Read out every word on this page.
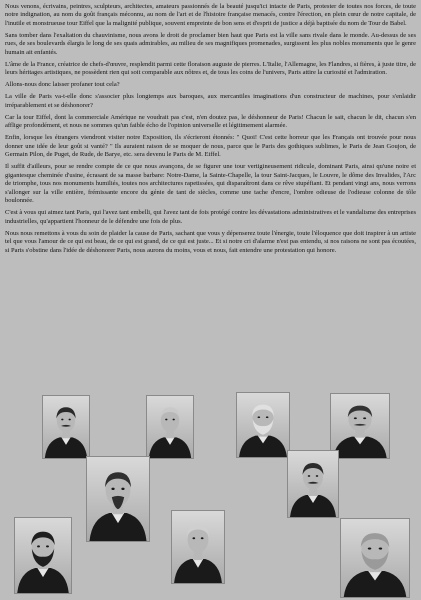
Nous venons, écrivains, peintres, sculpteurs, architectes, amateurs passionnés de la beauté jusqu'ici intacte de Paris, protester de toutes nos forces, de toute notre indignation, au nom du goût français méconnu, au nom de l'art et de l'histoire française menacés, contre l'érection, en plein cœur de notre capitale, de l'inutile et monstrueuse tour Eiffel que la malignité publique, souvent empreinte de bon sens et d'esprit de justice a déjà baptisée du nom de Tour de Babel.

Sans tomber dans l'exaltation du chauvinisme, nous avons le droit de proclamer bien haut que Paris est la ville sans rivale dans le monde. Au-dessus de ses rues, de ses boulevards élargis le long de ses quais admirables, au milieu de ses magnifiques promenades, surgissent les plus nobles monuments que le genre humain ait enfantés.

L'âme de la France, créatrice de chefs-d'œuvre, resplendit parmi cette floraison auguste de pierres. L'Italie, l'Allemagne, les Flandres, si fières, à juste titre, de leurs héritages artistiques, ne possèdent rien qui soit comparable aux nôtres et, de tous les coins de l'univers, Paris attire la curiosité et l'admiration.

Allons-nous donc laisser profaner tout cela?

La ville de Paris va-t-elle donc s'associer plus longtemps aux baroques, aux mercantiles imaginations d'un constructeur de machines, pour s'enlaidir irréparablement et se déshonorer?

Car la tour Eiffel, dont la commerciale Amérique ne voudrait pas c'est, n'en doutez pas, le déshonneur de Paris! Chacun le sait, chacun le dit, chacun s'en afflige profondément, et nous ne sommes qu'un faible écho de l'opinion universelle et légitimement alarmée.

Enfin, lorsque les étrangers viendront visiter notre Exposition, ils s'écrieront étonnés: " Quoi! C'est cette horreur que les Français ont trouvée pour nous donner une idée de leur goût si vanté? " Ils auraient raison de se moquer de nous, parce que le Paris des gothiques sublimes, le Paris de Jean Goujon, de Germain Pilon, de Puget, de Rude, de Barye, etc. sera devenu le Paris de M. Eiffel.

Il suffit d'ailleurs, pour se rendre compte de ce que nous avançons, de se figurer une tour vertigineusement ridicule, dominant Paris, ainsi qu'une noire et gigantesque cheminée d'usine, écrasant de sa masse barbare: Notre-Dame, la Sainte-Chapelle, la tour Saint-Jacques, le Louvre, le dôme des Invalides, l'Arc de triomphe, tous nos monuments humiliés, toutes nos architectures rapetissées, qui disparaîtront dans ce rêve stupéfiant. Et pendant vingt ans, nous verrons s'allonger sur la ville entière, frémissante encore du génie de tant de siècles, comme une tache d'encre, l'ombre odieuse de l'odieuse colonne de tôle boulonnée.

C'est à vous qui aimez tant Paris, qui l'avez tant embelli, qui l'avez tant de fois protégé contre les dévastations administratives et le vandalisme des entreprises industrielles, qu'appartient l'honneur de le défendre une fois de plus.

Nous nous remettons à vous du soin de plaider la cause de Paris, sachant que vous y dépenserez toute l'énergie, toute l'éloquence que doit inspirer à un artiste tel que vous l'amour de ce qui est beau, de ce qui est grand, de ce qui est juste... Et si notre cri d'alarme n'est pas entendu, si nos raisons ne sont pas écoutées, si Paris s'obstine dans l'idée de déshonorer Paris, nous aurons du moins, vous et nous, fait entendre une protestation qui honore.
